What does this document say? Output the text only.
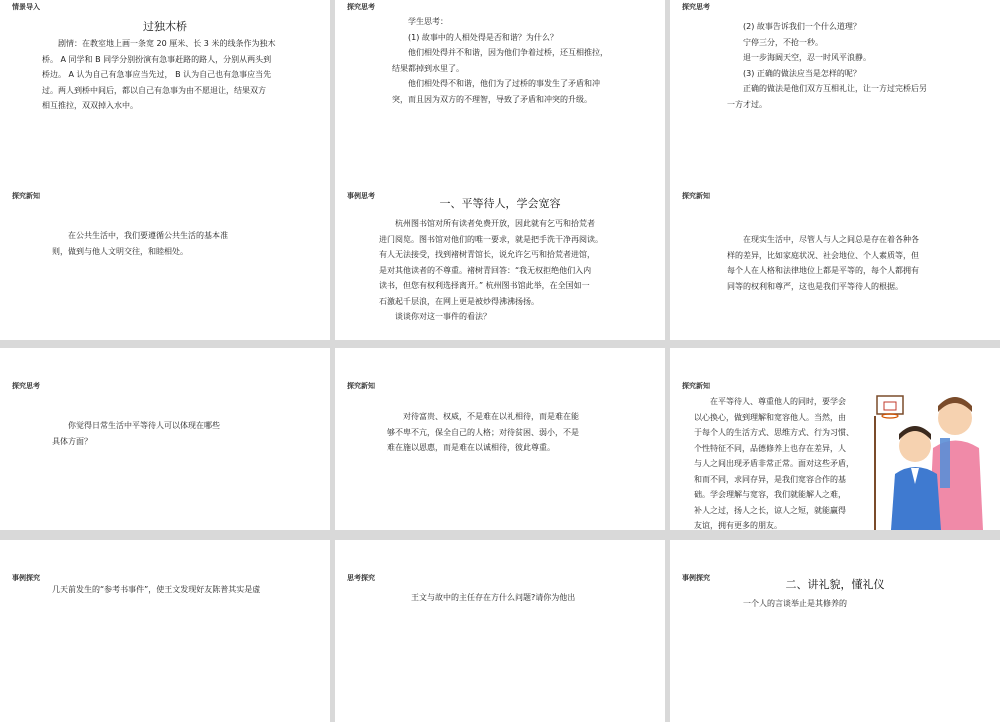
情景导入
过独木桥

　　剧情：在教室地上画一条宽 20 厘米、长 3 米的线条作为独木
桥。 A 同学和 B 同学分别扮演有急事赶路的路人，分别从两头到
桥边。 A 认为自己有急事应当先过， B 认为自己也有急事应当先
过。两人到桥中间后，都以自己有急事为由不愿退让，结果双方
相互推拉，双双掉入水中。

探究思考

　　学生思考：
　　(1) 故事中的人相处得是否和谐？为什么？
　　他们相处得并不和谐，因为他们争着过桥，还互相推拉，
结果都掉到水里了。
　　他们相处得不和谐，他们为了过桥的事发生了矛盾和冲
突，而且因为双方的不理智，导致了矛盾和冲突的升级。

探究思考

　　(2) 故事告诉我们一个什么道理？
　　宁停三分，不抢一秒。
　　退一步海阔天空，忍一时风平浪静。
　　(3) 正确的做法应当是怎样的呢？
　　正确的做法是他们双方互相礼让，让一方过完桥后另
一方才过。

探究新知

　　在公共生活中，我们要遵循公共生活的基本准
则，做到与他人文明交往，和睦相处。

事例思考
一、平等待人，学会宽容

　　杭州图书馆对所有读者免费开放，因此就有乞丐和拾荒者
进门阅览。图书馆对他们的唯一要求，就是把手洗干净再阅读。
有人无法接受，找到褚树青馆长，说允许乞丐和拾荒者进馆，
是对其他读者的不尊重。褚树青回答：“我无权拒绝他们入内
读书，但您有权利选择离开。” 杭州图书馆此举，在全国如一
石激起千层浪，在网上更是被炒得沸沸扬扬。
　　谈谈你对这一事件的看法？

探究新知

　　在现实生活中，尽管人与人之间总是存在着各种各
样的差异，比如家庭状况、社会地位、个人素质等，但
每个人在人格和法律地位上都是平等的，每个人都拥有
同等的权利和尊严，这也是我们平等待人的根据。

探究思考

　　你觉得日常生活中平等待人可以体现在哪些
具体方面？

探究新知

　　对待富贵、权威，不是难在以礼相待，而是难在能
够不卑不亢，保全自己的人格；对待贫困、弱小，不是
难在施以恩惠，而是难在以诚相待，彼此尊重。

探究新知

　　在平等待人、尊重他人的同时，要学会
以心换心，做到理解和宽容他人。当然，由
于每个人的生活方式、思维方式、行为习惯、
个性特征不同，品德修养上也存在差异，人
与人之间出现矛盾非常正常。面对这些矛盾，
和而不同，求同存异，是我们宽容合作的基
础。学会理解与宽容，我们就能解人之难，
补人之过，扬人之长，谅人之短，就能赢得
友谊，拥有更多的朋友。

事例探究

　　几天前发生的“参考书事件”，使王文发现好友陈普其实是虚

思考探究

　　王文与故中的主任存在方什么问题?请你为他出

事例探究	二、讲礼貌，懂礼仪

　　一个人的言谈举止是其修养的
